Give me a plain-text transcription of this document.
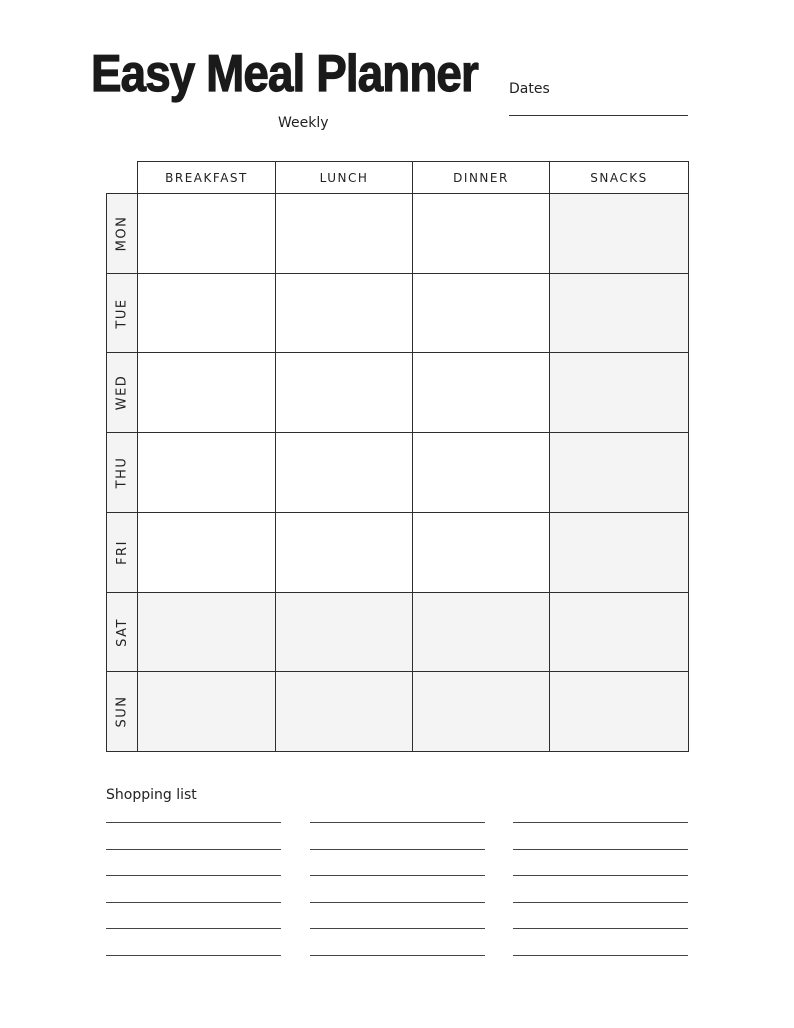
Easy Meal Planner
Weekly
Dates
BREAKFAST	LUNCH	DINNER	SNACKS
MON
TUE
WED
THU
FRI
SAT
SUN
Shopping list
